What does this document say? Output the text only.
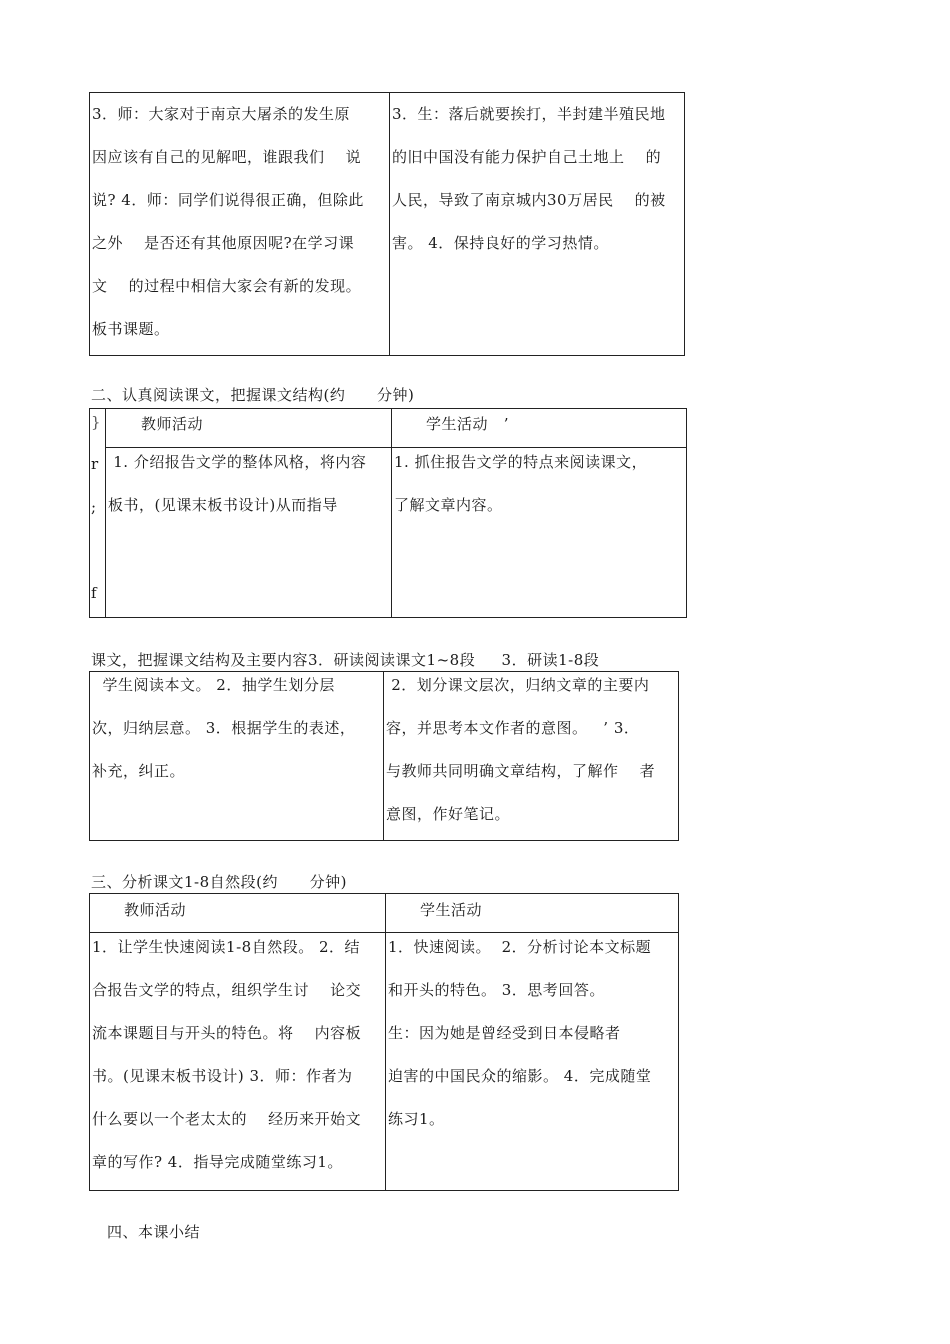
3．师：大家对于南京大屠杀的发生原
因应该有自己的见解吧，谁跟我们    说
说? 4．师：同学们说得很正确，但除此
之外    是否还有其他原因呢?在学习课
文    的过程中相信大家会有新的发现。
板书课题。
3．生：落后就要挨打，半封建半殖民地
的旧中国没有能力保护自己土地上    的
人民，导致了南京城内30万居民    的被
害。 4．保持良好的学习热情。
二、认真阅读课文，把握课文结构(约      分钟)
}
r
;
f
教师活动	学生活动   ’
1. 介绍报告文学的整体风格，将内容
板书，(见课末板书设计)从而指导
1. 抓住报告文学的特点来阅读课文，
了解文章内容。
课文，把握课文结构及主要内容3．研读阅读课文1~8段     3．研读1-8段
学生阅读本文。 2．抽学生划分层
次，归纳层意。 3．根据学生的表述，
补充，纠正。
2．划分课文层次，归纳文章的主要内
容，并思考本文作者的意图。   ’ 3．
与教师共同明确文章结构，了解作    者
意图，作好笔记。
三、分析课文1-8自然段(约      分钟)
教师活动	学生活动
1．让学生快速阅读1-8自然段。 2．结
合报告文学的特点，组织学生讨    论交
流本课题目与开头的特色。将    内容板
书。(见课末板书设计) 3．师：作者为
什么要以一个老太太的    经历来开始文
章的写作? 4．指导完成随堂练习1。
1．快速阅读。  2．分析讨论本文标题
和开头的特色。 3．思考回答。
生：因为她是曾经受到日本侵略者
迫害的中国民众的缩影。 4．完成随堂
练习1。
四、本课小结
